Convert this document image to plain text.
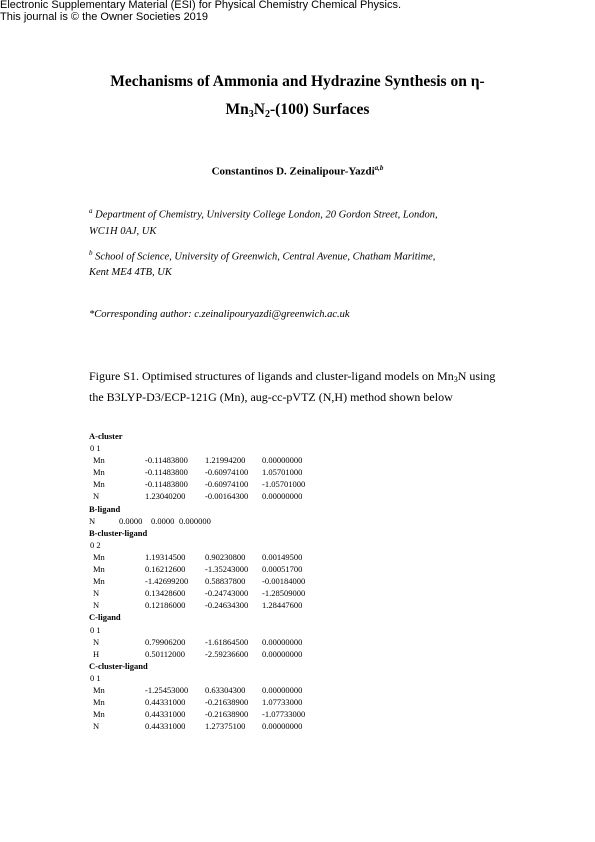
Electronic Supplementary Material (ESI) for Physical Chemistry Chemical Physics.
This journal is © the Owner Societies 2019
Mechanisms of Ammonia and Hydrazine Synthesis on η-
$Mn_3N_2-(100)$ Surfaces
Constantinos D. Zeinalipour-Yazdi$^{a,b}$
$^a$ Department of Chemistry, University College London, 20 Gordon Street, London,
WC1H 0AJ, UK
$^b$ School of Science, University of Greenwich, Central Avenue, Chatham Maritime,
Kent ME4 4TB, UK
*Corresponding author: c.zeinalipouryazdi@greenwich.ac.uk
Figure S1. Optimised structures of ligands and cluster-ligand models on Mn3N using
the B3LYP-D3/ECP-121G (Mn), aug-cc-pVTZ (N,H) method shown below
A-cluster
0 1
Mn	-0.11483800 1.21994200 0.00000000
Mn	-0.11483800 -0.60974100 1.05701000
Mn	-0.11483800 -0.60974100 -1.05701000
N	1.23040200 -0.00164300 0.00000000
B-ligand
N	0.0000 0.0000 0.000000
B-cluster-ligand
0 2
Mn	1.19314500 0.90230800 0.00149500
Mn	0.16212600 -1.35243000 0.00051700
Mn	-1.42699200 0.58837800 -0.00184000
N	0.13428600 -0.24743000 -1.28509000
N	0.12186000 -0.24634300 1.28447600
C-ligand
0 1
N	0.79906200 -1.61864500 0.00000000
H	0.50112000 -2.59236600 0.00000000
C-cluster-ligand
0 1
Mn	-1.25453000 0.63304300 0.00000000
Mn	0.44331000 -0.21638900 1.07733000
Mn	0.44331000 -0.21638900 -1.07733000
N	0.44331000 1.27375100 0.00000000
